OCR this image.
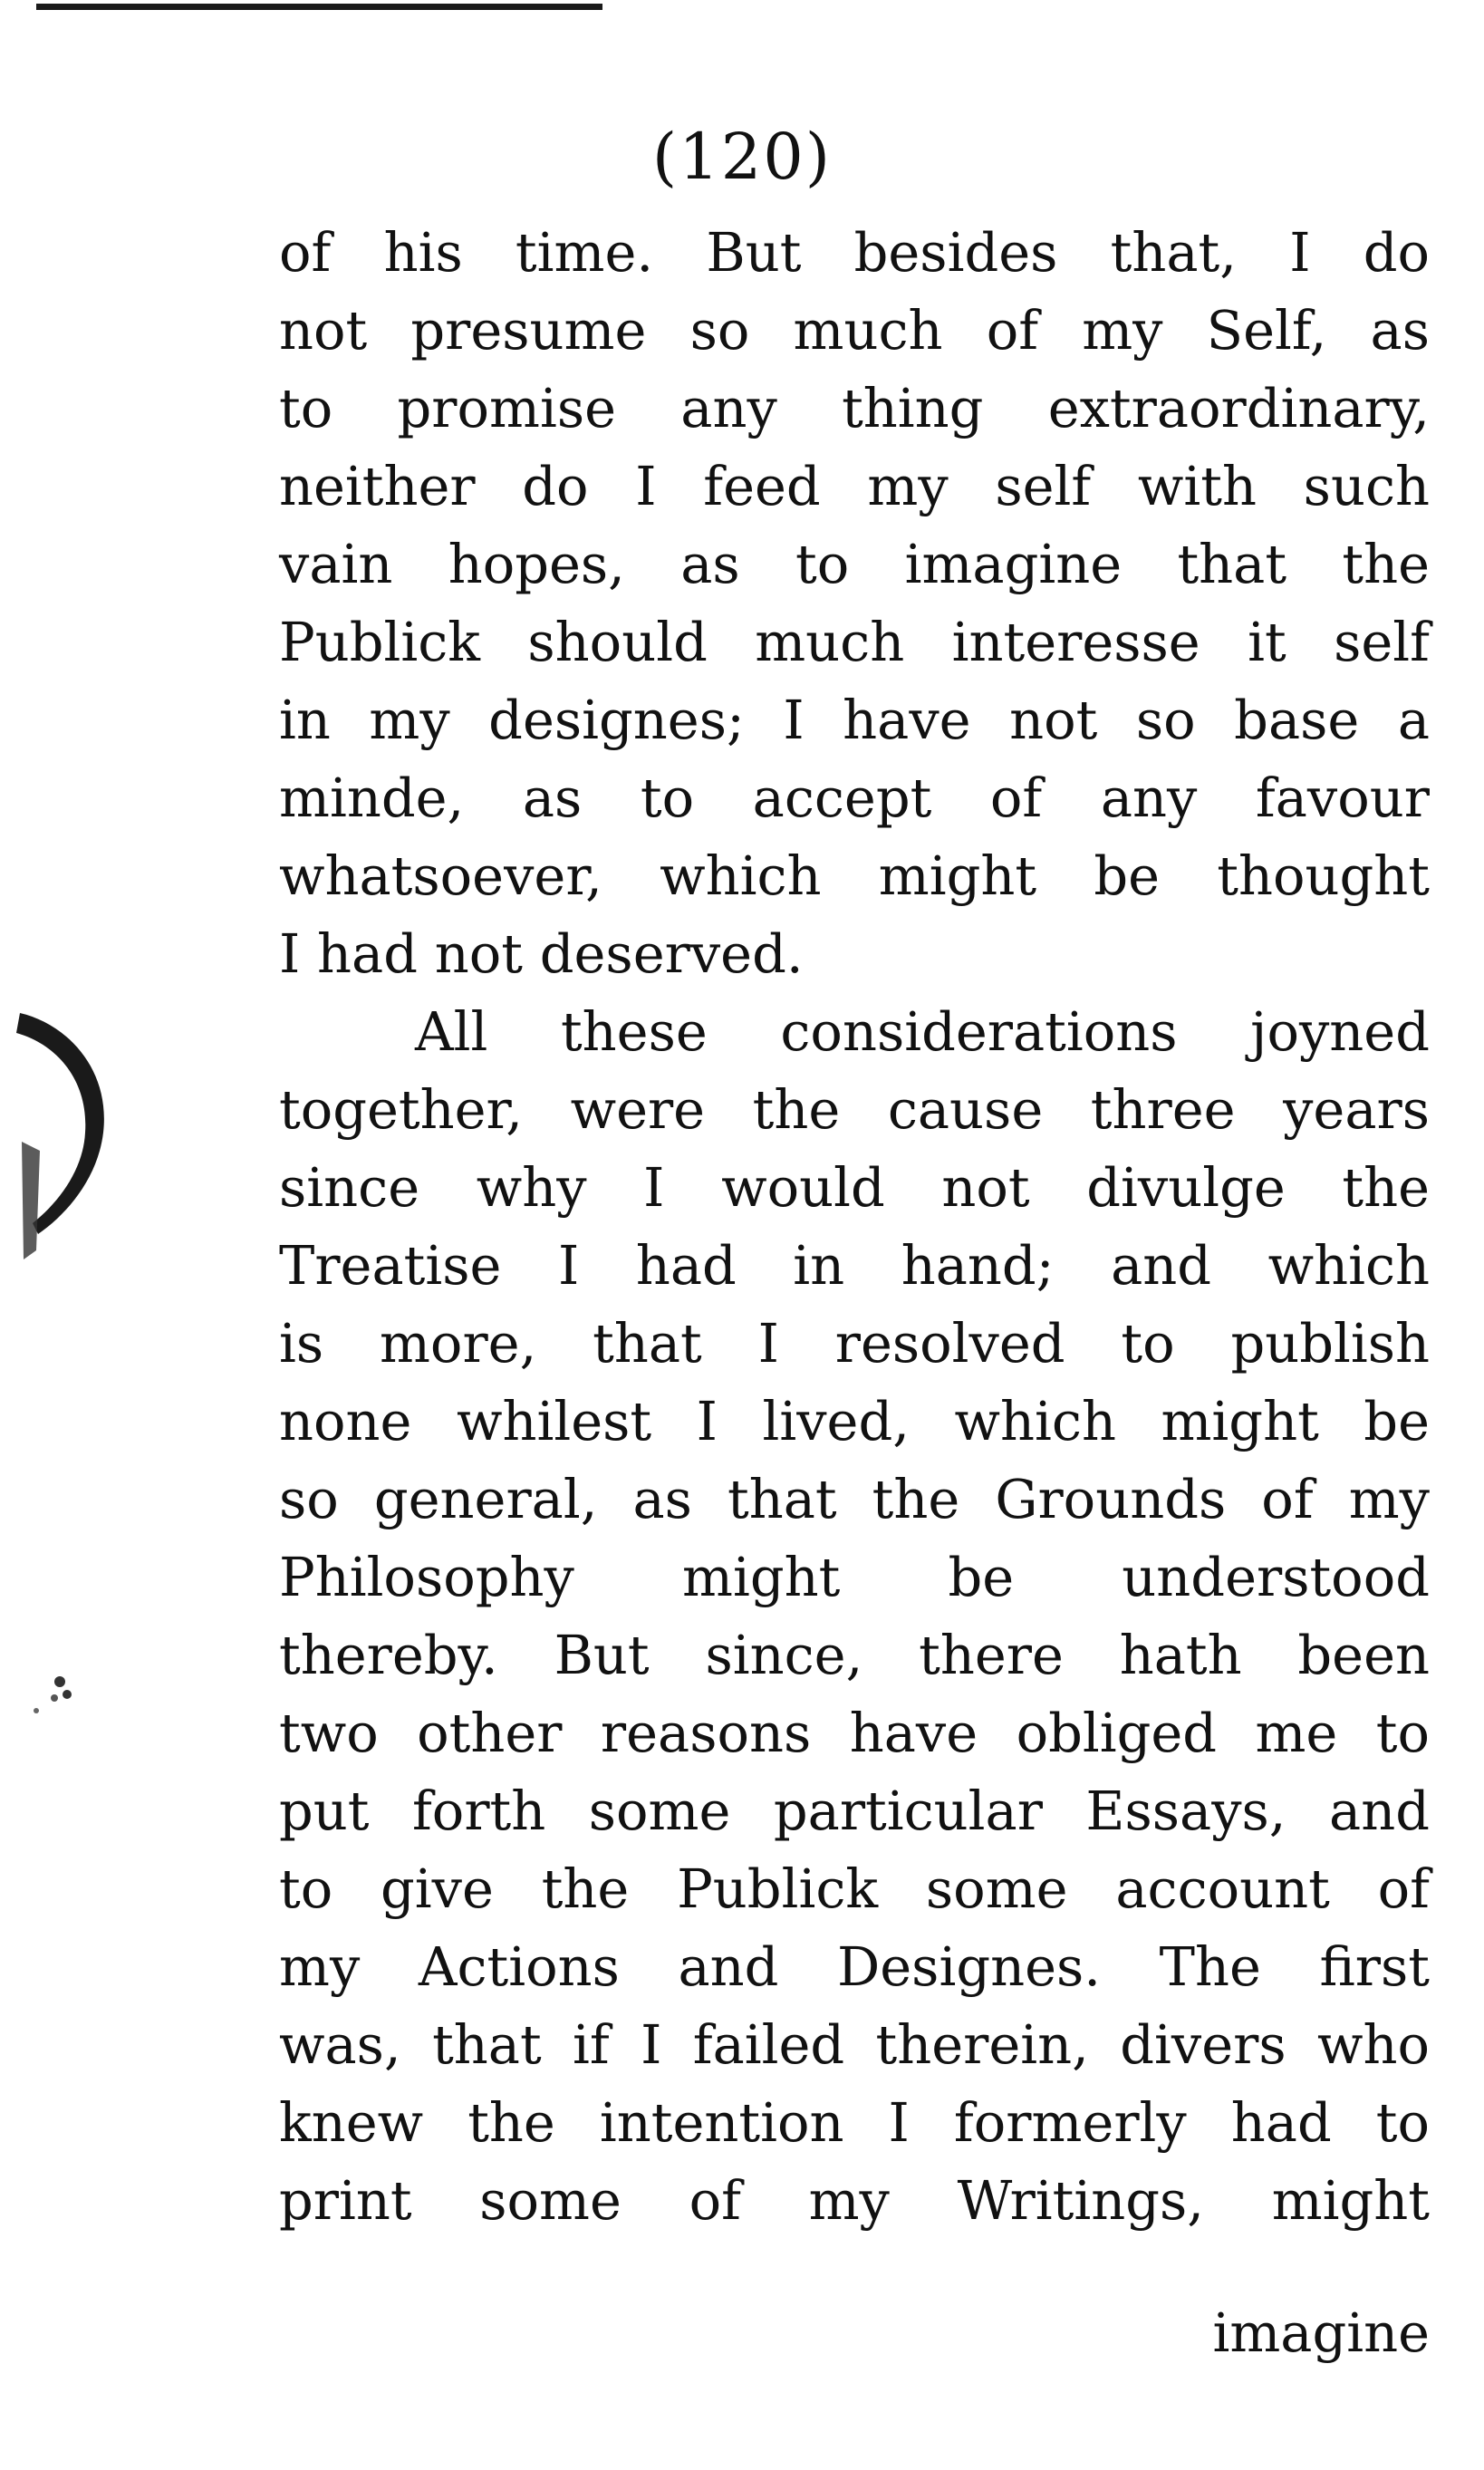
(120)
of his time. But besides that, I do
not presume so much of my Self, as
to promise any thing extraordinary,
neither do I feed my self with such
vain hopes, as to imagine that the
Publick should much interesse it self
in my designes; I have not so base a
minde, as to accept of any favour
whatsoever, which might be thought
I had not deserved.
All these considerations joyned
together, were the cause three years
since why I would not divulge the
Treatise I had in hand; and which
is more, that I resolved to publish
none whilest I lived, which might be
so general, as that the Grounds of my
Philosophy might be understood
thereby. But since, there hath been
two other reasons have obliged me to
put forth some particular Essays, and
to give the Publick some account of
my Actions and Designes. The first
was, that if I failed therein, divers who
knew the intention I formerly had to
print some of my Writings, might
imagine
